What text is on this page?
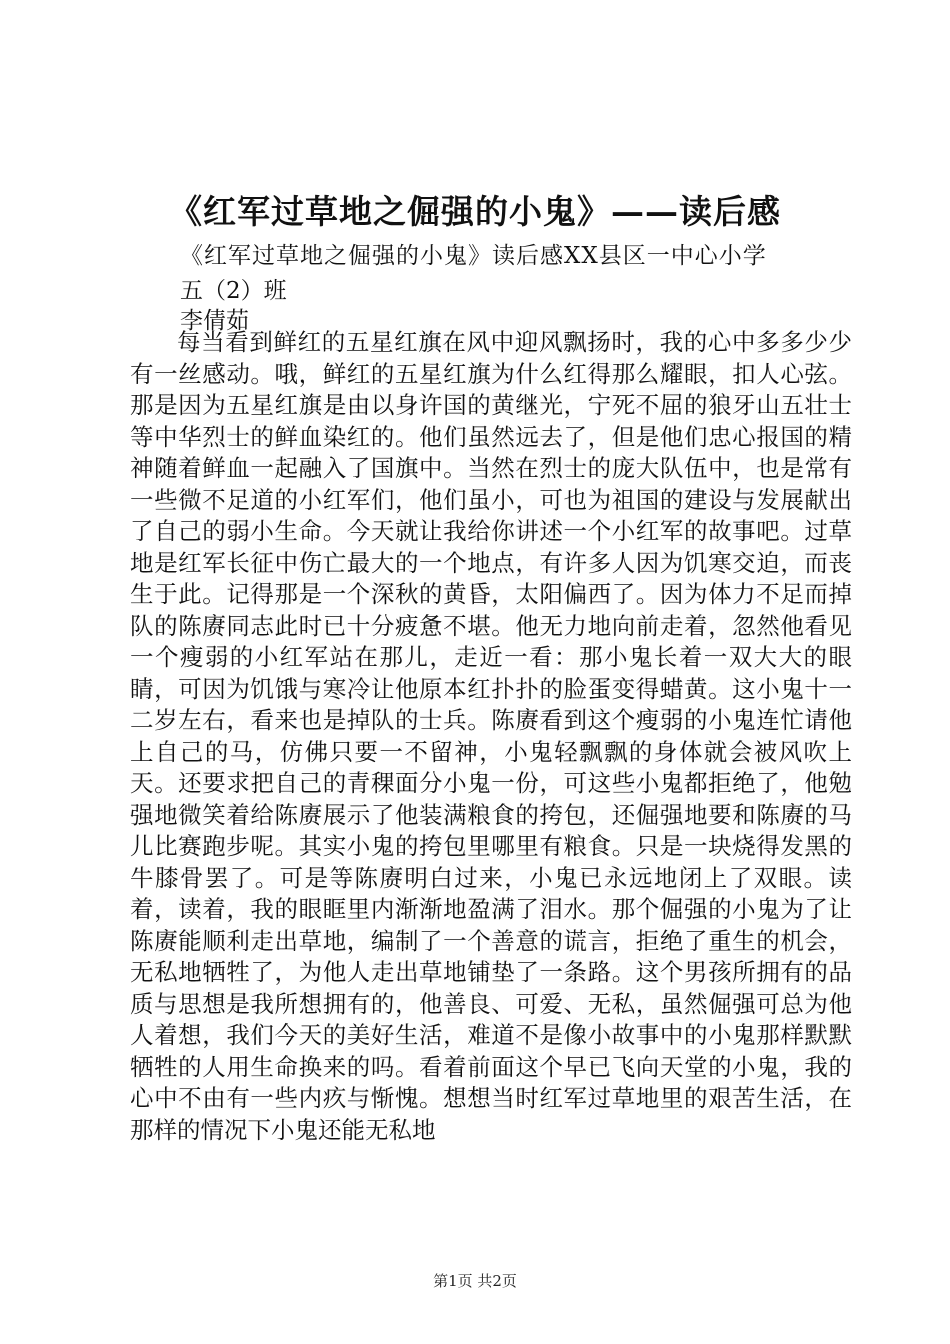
《红军过草地之倔强的小鬼》——读后感
《红军过草地之倔强的小鬼》读后感XX县区一中心小学
五（2）班
李倩茹

每当看到鲜红的五星红旗在风中迎风飘扬时，我的心中多多少少有一丝感动。哦，鲜红的五星红旗为什么红得那么耀眼，扣人心弦。那是因为五星红旗是由以身许国的黄继光，宁死不屈的狼牙山五壮士等中华烈士的鲜血染红的。他们虽然远去了，但是他们忠心报国的精神随着鲜血一起融入了国旗中。当然在烈士的庞大队伍中，也是常有一些微不足道的小红军们，他们虽小，可也为祖国的建设与发展献出了自己的弱小生命。今天就让我给你讲述一个小红军的故事吧。过草地是红军长征中伤亡最大的一个地点，有许多人因为饥寒交迫，而丧生于此。记得那是一个深秋的黄昏，太阳偏西了。因为体力不足而掉队的陈赓同志此时已十分疲惫不堪。他无力地向前走着，忽然他看见一个瘦弱的小红军站在那儿，走近一看：那小鬼长着一双大大的眼睛，可因为饥饿与寒冷让他原本红扑扑的脸蛋变得蜡黄。这小鬼十一二岁左右，看来也是掉队的士兵。陈赓看到这个瘦弱的小鬼连忙请他上自己的马，仿佛只要一不留神，小鬼轻飘飘的身体就会被风吹上天。还要求把自己的青稞面分小鬼一份，可这些小鬼都拒绝了，他勉强地微笑着给陈赓展示了他装满粮食的挎包，还倔强地要和陈赓的马儿比赛跑步呢。其实小鬼的挎包里哪里有粮食。只是一块烧得发黑的牛膝骨罢了。可是等陈赓明白过来，小鬼已永远地闭上了双眼。读着，读着，我的眼眶里内渐渐地盈满了泪水。那个倔强的小鬼为了让陈赓能顺利走出草地，编制了一个善意的谎言，拒绝了重生的机会，无私地牺牲了，为他人走出草地铺垫了一条路。这个男孩所拥有的品质与思想是我所想拥有的，他善良、可爱、无私，虽然倔强可总为他人着想，我们今天的美好生活，难道不是像小故事中的小鬼那样默默牺牲的人用生命换来的吗。看着前面这个早已飞向天堂的小鬼，我的心中不由有一些内疚与惭愧。想想当时红军过草地里的艰苦生活，在那样的情况下小鬼还能无私地

第1页 共2页
